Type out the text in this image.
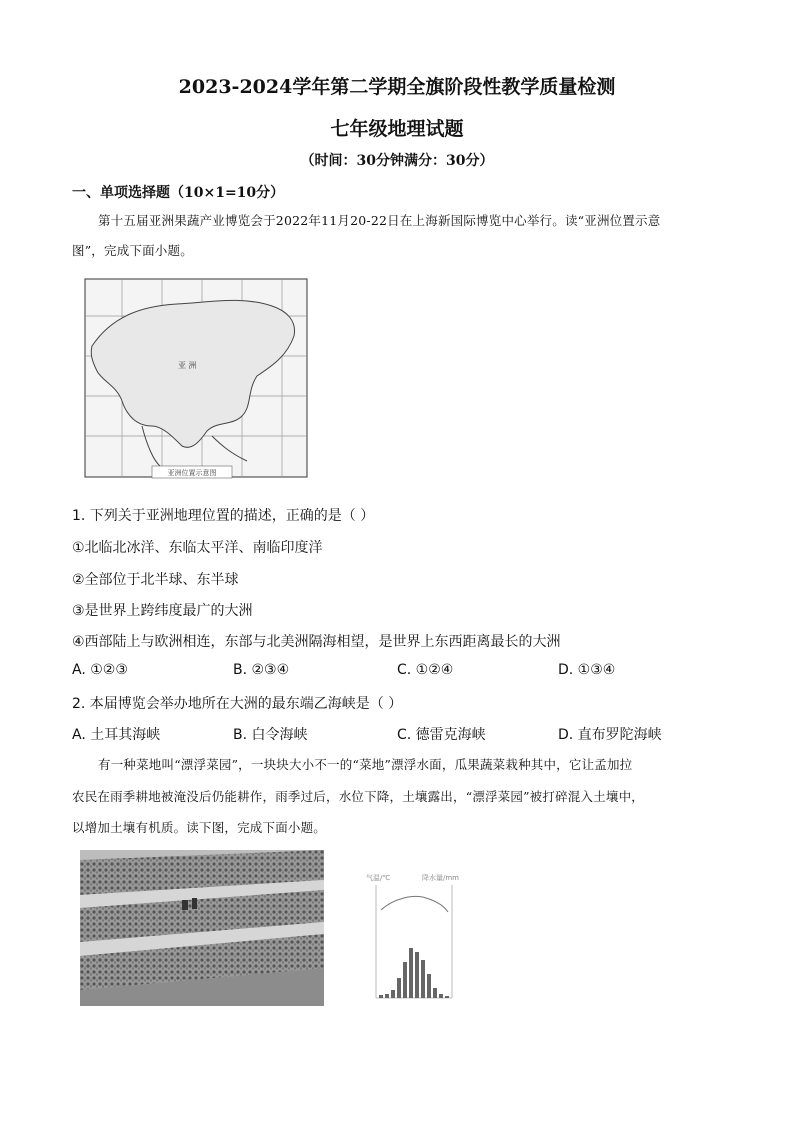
2023-2024学年第二学期全旗阶段性教学质量检测
七年级地理试题
（时间：30分钟满分：30分）
一、单项选择题（10×1=10分）
第十五届亚洲果蔬产业博览会于2022年11月20-22日在上海新国际博览中心举行。读“亚洲位置示意
图”，完成下面小题。
亚 洲
亚洲位置示意图
1. 下列关于亚洲地理位置的描述，正确的是（ ）
①北临北冰洋、东临太平洋、南临印度洋
②全部位于北半球、东半球
③是世界上跨纬度最广的大洲
④西部陆上与欧洲相连，东部与北美洲隔海相望，是世界上东西距离最长的大洲
A. ①②③	B. ②③④	C. ①②④	D. ①③④
2. 本届博览会举办地所在大洲的最东端乙海峡是（ ）
A. 土耳其海峡	B. 白令海峡	C. 德雷克海峡	D. 直布罗陀海峡
有一种菜地叫“漂浮菜园”，一块块大小不一的“菜地”漂浮水面，瓜果蔬菜栽种其中，它让孟加拉
农民在雨季耕地被淹没后仍能耕作，雨季过后，水位下降，土壤露出，“漂浮菜园”被打碎混入土壤中，
以增加土壤有机质。读下图，完成下面小题。
气温/℃	降水量/mm
